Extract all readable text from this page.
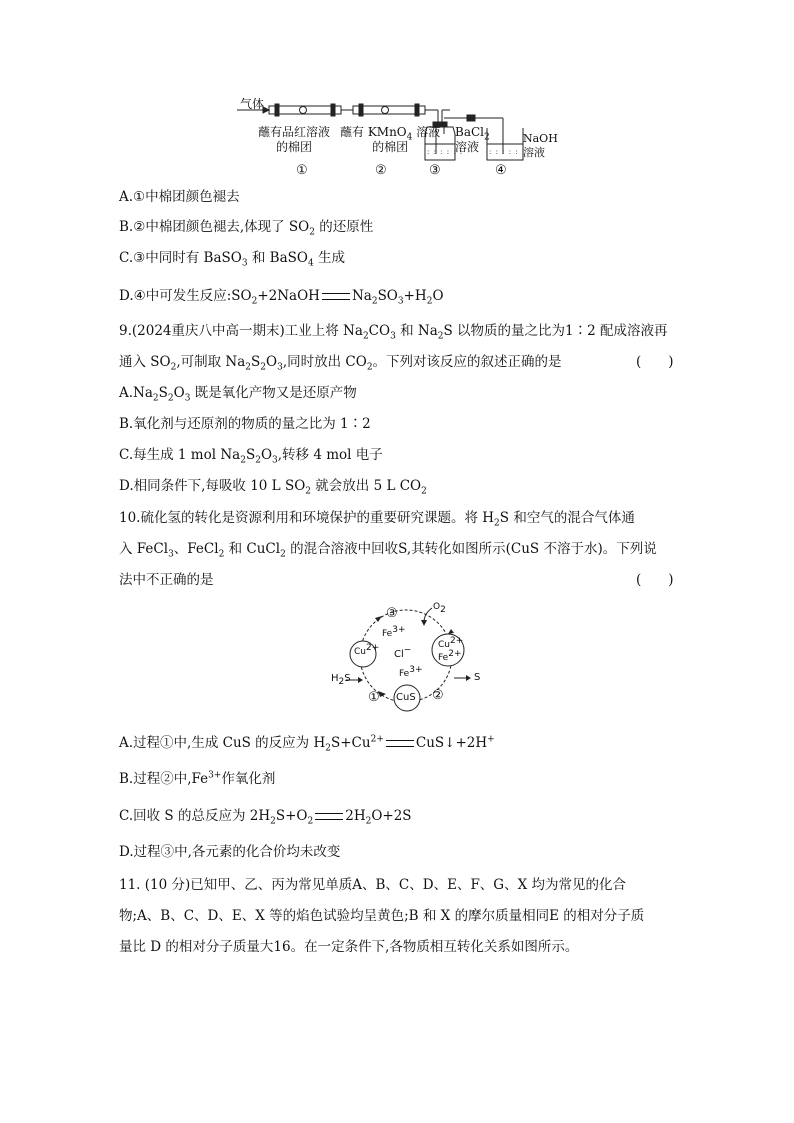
: : : : : :	: : : : : : :
气体
蘸有品红溶液
的棉团
蘸有 KMnO$_4$ 溶液
的棉团
BaCl$_2$
溶液
NaOH
溶液
①	②	③	④
A.①中棉团颜色褪去
B.②中棉团颜色褪去,体现了 $SO_2$ 的还原性
C.③中同时有 BaSO$_3$ 和 BaSO$_4$ 生成
D.④中可发生反应$:SO_2+2NaOH$ $Na_2SO_3+H_2O$
9.(2024重庆八中高一期末)工业上将 $Na_2CO_3$ 和 $Na_2S$ 以物质的量之比为1∶2 配成溶液再
通入 $SO_2$,可制取 $Na_2S_2O_3$,同时放出 $CO_2$。下列对该反应的叙述正确的是	(　　)
$A.Na_2S_2O_3$ 既是氧化产物又是还原产物
B.氧化剂与还原剂的物质的量之比为 1∶2
C.每生成 1 mol $Na_2S_2O_3$,转移 4 mol 电子
D.相同条件下,每吸收 10 L $SO_2$ 就会放出 5 L $CO_2$
10.硫化氢的转化是资源利用和环境保护的重要研究课题。将 $H_2S$ 和空气的混合气体通
入 FeCl$_3$、FeCl$_2$ 和 CuCl$_2$ 的混合溶液中回收S,其转化如图所示(CuS 不溶于水)。下列说
法中不正确的是	(　　)
$O_2$
③
$Fe^{3+}$
$Cu^{2+}$
Cl−
$Cu^{2+}$
$Fe^{2+}$
$Fe^{3+}$
$H_2S$
① CuS ②
S
A.过程①中,生成 CuS 的反应为 $H_2S+Cu^{2+}$ CuS↓+2H+
B.过程②中$,Fe^{3+}$作氧化剂
C.回收 S 的总反应为 $2H_2S+O_2$ $2H_2O+2S$
D.过程③中,各元素的化合价均未改变
11. (10 分)已知甲、乙、丙为常见单质A、B、C、D、E、F、G、X 均为常见的化合
物;A、B、C、D、E、X 等的焰色试验均呈黄色;B 和 X 的摩尔质量相同E 的相对分子质
量比 D 的相对分子质量大16。在一定条件下,各物质相互转化关系如图所示。
